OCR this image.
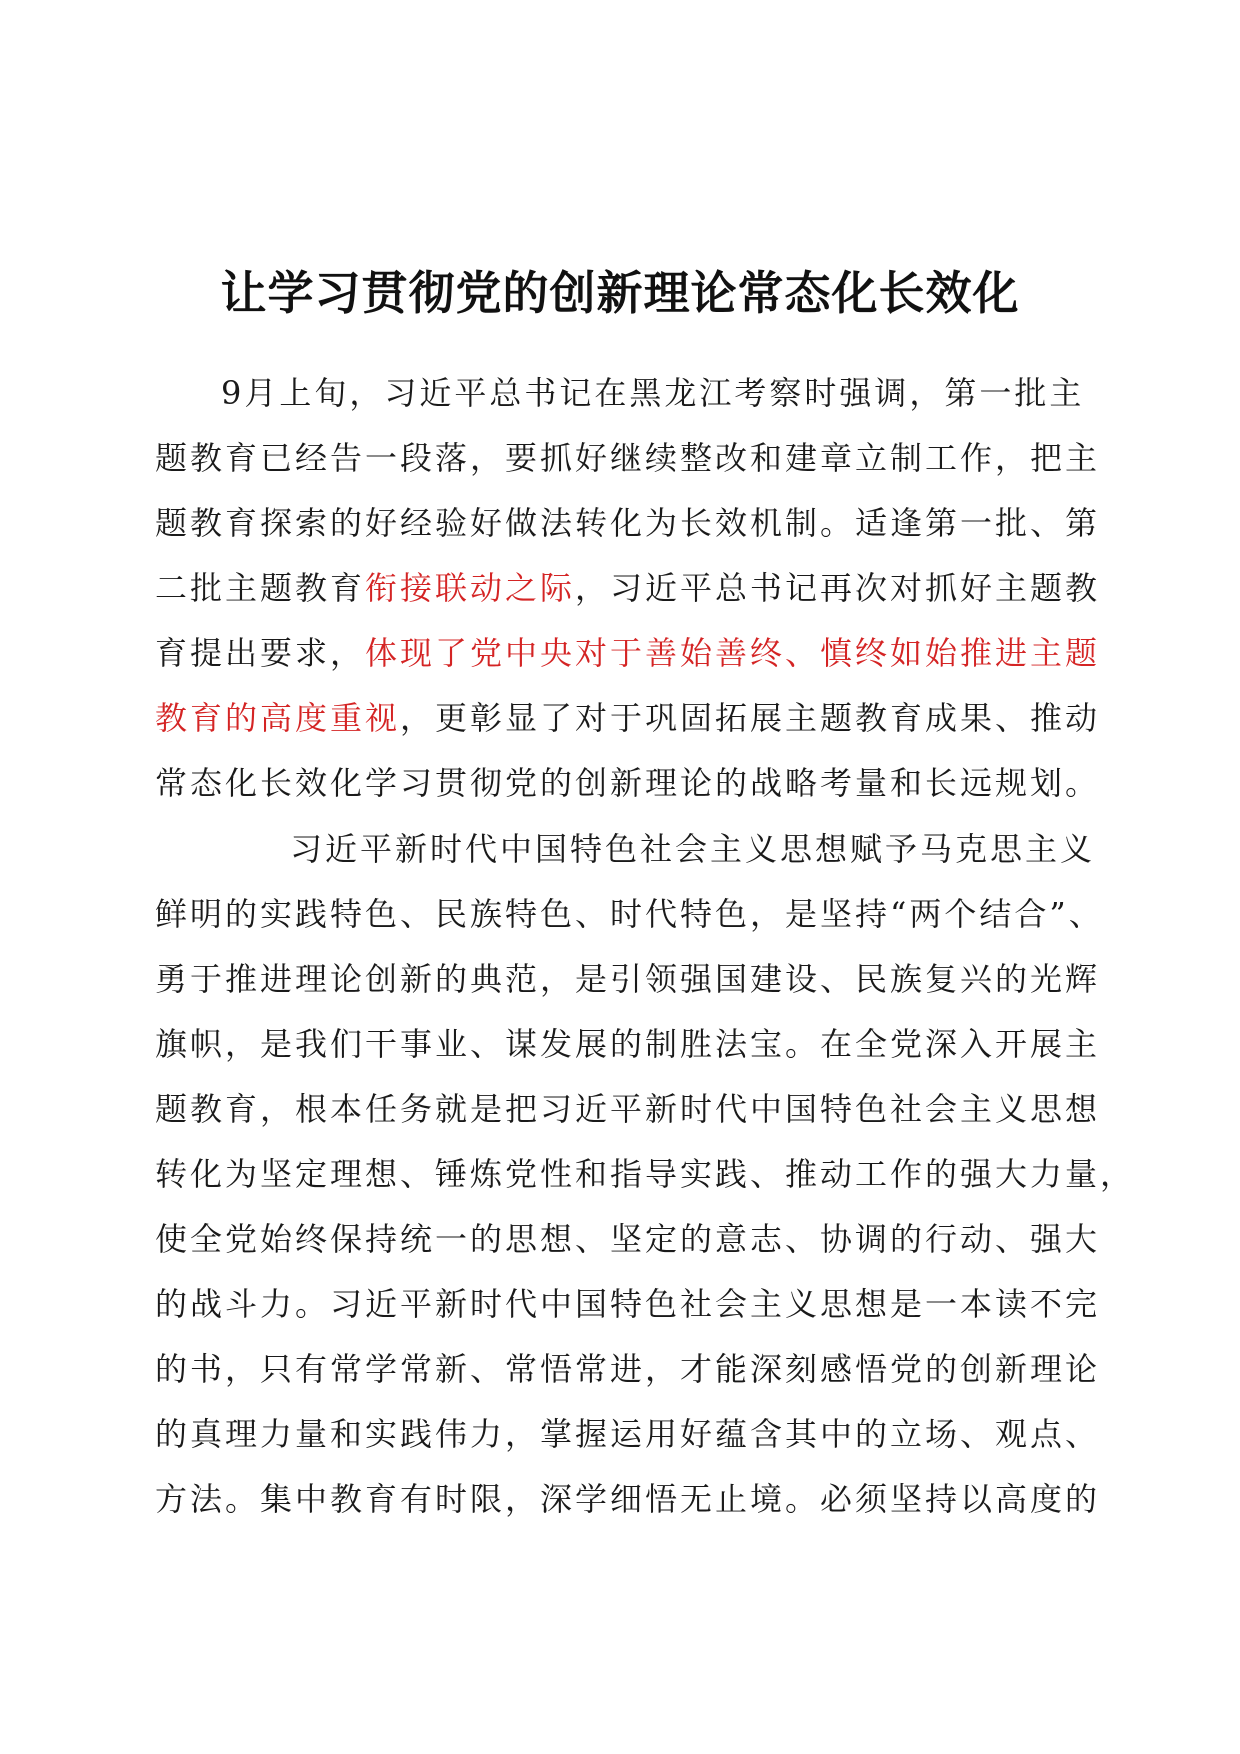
让学习贯彻党的创新理论常态化长效化
9月上旬，习近平总书记在黑龙江考察时强调，第一批主
题教育已经告一段落，要抓好继续整改和建章立制工作，把主
题教育探索的好经验好做法转化为长效机制。适逢第一批、第
二批主题教育衔接联动之际，习近平总书记再次对抓好主题教
育提出要求，体现了党中央对于善始善终、慎终如始推进主题
教育的高度重视，更彰显了对于巩固拓展主题教育成果、推动
常态化长效化学习贯彻党的创新理论的战略考量和长远规划。
习近平新时代中国特色社会主义思想赋予马克思主义
鲜明的实践特色、民族特色、时代特色，是坚持“两个结合”、
勇于推进理论创新的典范，是引领强国建设、民族复兴的光辉
旗帜，是我们干事业、谋发展的制胜法宝。在全党深入开展主
题教育，根本任务就是把习近平新时代中国特色社会主义思想
转化为坚定理想、锤炼党性和指导实践、推动工作的强大力量，
使全党始终保持统一的思想、坚定的意志、协调的行动、强大
的战斗力。习近平新时代中国特色社会主义思想是一本读不完
的书，只有常学常新、常悟常进，才能深刻感悟党的创新理论
的真理力量和实践伟力，掌握运用好蕴含其中的立场、观点、
方法。集中教育有时限，深学细悟无止境。必须坚持以高度的
